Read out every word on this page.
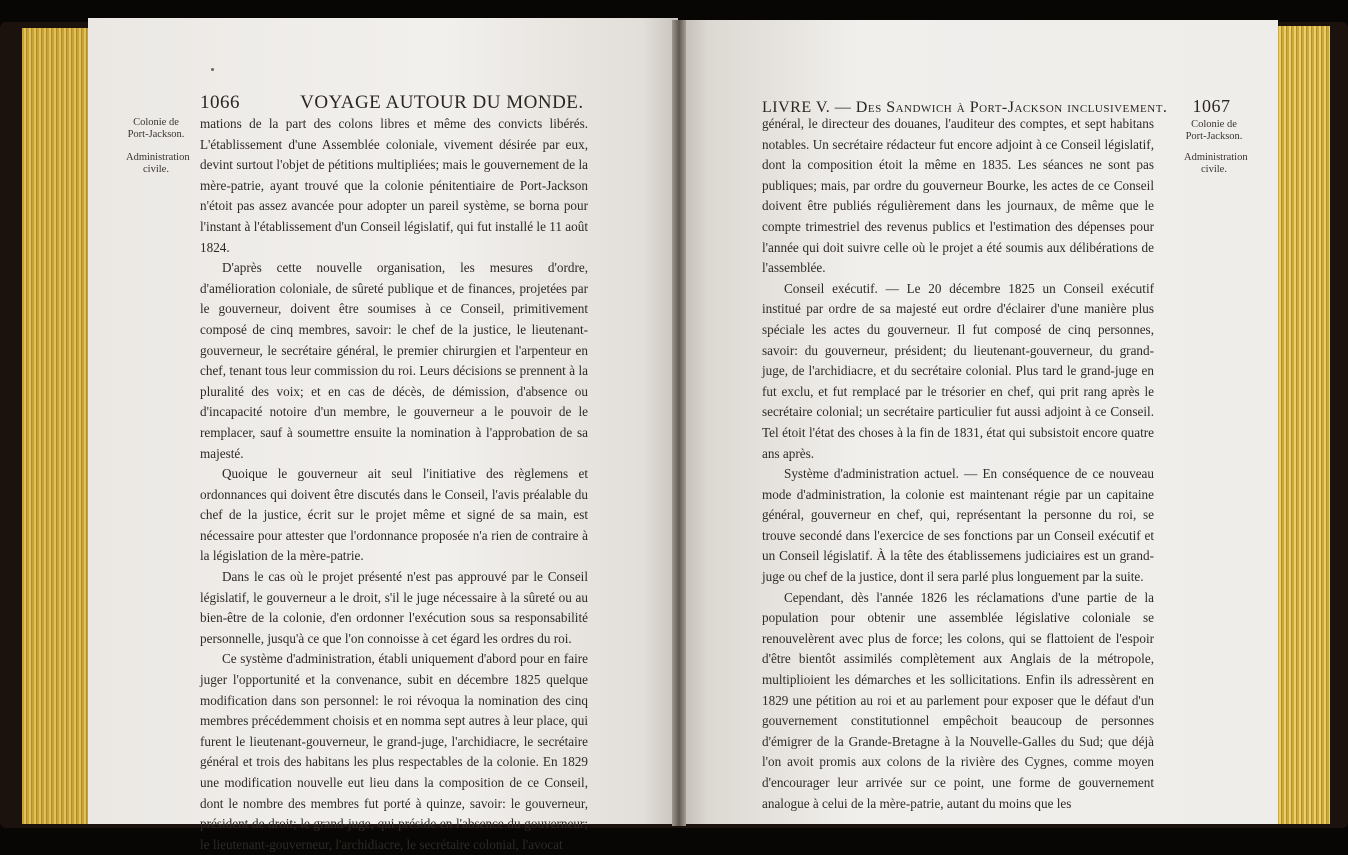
1066	VOYAGE AUTOUR DU MONDE.
Colonie de Port-Jackson.
Administration civile.

mations de la part des colons libres et même des convicts libérés. L'établissement d'une Assemblée coloniale, vivement désirée par eux, devint surtout l'objet de pétitions multipliées; mais le gouvernement de la mère-patrie, ayant trouvé que la colonie pénitentiaire de Port-Jackson n'étoit pas assez avancée pour adopter un pareil système, se borna pour l'instant à l'établissement d'un Conseil législatif, qui fut installé le 11 août 1824.

D'après cette nouvelle organisation, les mesures d'ordre, d'amélioration coloniale, de sûreté publique et de finances, projetées par le gouverneur, doivent être soumises à ce Conseil, primitivement composé de cinq membres, savoir: le chef de la justice, le lieutenant-gouverneur, le secrétaire général, le premier chirurgien et l'arpenteur en chef, tenant tous leur commission du roi. Leurs décisions se prennent à la pluralité des voix; et en cas de décès, de démission, d'absence ou d'incapacité notoire d'un membre, le gouverneur a le pouvoir de le remplacer, sauf à soumettre ensuite la nomination à l'approbation de sa majesté.

Quoique le gouverneur ait seul l'initiative des règlemens et ordonnances qui doivent être discutés dans le Conseil, l'avis préalable du chef de la justice, écrit sur le projet même et signé de sa main, est nécessaire pour attester que l'ordonnance proposée n'a rien de contraire à la législation de la mère-patrie.

Dans le cas où le projet présenté n'est pas approuvé par le Conseil législatif, le gouverneur a le droit, s'il le juge nécessaire à la sûreté ou au bien-être de la colonie, d'en ordonner l'exécution sous sa responsabilité personnelle, jusqu'à ce que l'on connoisse à cet égard les ordres du roi.

Ce système d'administration, établi uniquement d'abord pour en faire juger l'opportunité et la convenance, subit en décembre 1825 quelque modification dans son personnel: le roi révoqua la nomination des cinq membres précédemment choisis et en nomma sept autres à leur place, qui furent le lieutenant-gouverneur, le grand-juge, l'archidiacre, le secrétaire général et trois des habitans les plus respectables de la colonie. En 1829 une modification nouvelle eut lieu dans la composition de ce Conseil, dont le nombre des membres fut porté à quinze, savoir: le gouverneur, président de droit; le grand-juge, qui préside en l'absence du gouverneur; le lieutenant-gouverneur, l'archidiacre, le secrétaire colonial, l'avocat

LIVRE V. — Des Sandwich à Port-Jackson inclusivement. 1067
Colonie de Port-Jackson.
Administration civile.

général, le directeur des douanes, l'auditeur des comptes, et sept habitans notables. Un secrétaire rédacteur fut encore adjoint à ce Conseil législatif, dont la composition étoit la même en 1835. Les séances ne sont pas publiques; mais, par ordre du gouverneur Bourke, les actes de ce Conseil doivent être publiés régulièrement dans les journaux, de même que le compte trimestriel des revenus publics et l'estimation des dépenses pour l'année qui doit suivre celle où le projet a été soumis aux délibérations de l'assemblée.

Conseil exécutif. — Le 20 décembre 1825 un Conseil exécutif institué par ordre de sa majesté eut ordre d'éclairer d'une manière plus spéciale les actes du gouverneur. Il fut composé de cinq personnes, savoir: du gouverneur, président; du lieutenant-gouverneur, du grand-juge, de l'archidiacre, et du secrétaire colonial. Plus tard le grand-juge en fut exclu, et fut remplacé par le trésorier en chef, qui prit rang après le secrétaire colonial; un secrétaire particulier fut aussi adjoint à ce Conseil. Tel étoit l'état des choses à la fin de 1831, état qui subsistoit encore quatre ans après.

Système d'administration actuel. — En conséquence de ce nouveau mode d'administration, la colonie est maintenant régie par un capitaine général, gouverneur en chef, qui, représentant la personne du roi, se trouve secondé dans l'exercice de ses fonctions par un Conseil exécutif et un Conseil législatif. À la tête des établissemens judiciaires est un grand-juge ou chef de la justice, dont il sera parlé plus longuement par la suite.

Cependant, dès l'année 1826 les réclamations d'une partie de la population pour obtenir une assemblée législative coloniale se renouvelèrent avec plus de force; les colons, qui se flattoient de l'espoir d'être bientôt assimilés complètement aux Anglais de la métropole, multiplioient les démarches et les sollicitations. Enfin ils adressèrent en 1829 une pétition au roi et au parlement pour exposer que le défaut d'un gouvernement constitutionnel empêchoit beaucoup de personnes d'émigrer de la Grande-Bretagne à la Nouvelle-Galles du Sud; que déjà l'on avoit promis aux colons de la rivière des Cygnes, comme moyen d'encourager leur arrivée sur ce point, une forme de gouvernement analogue à celui de la mère-patrie, autant du moins que les
